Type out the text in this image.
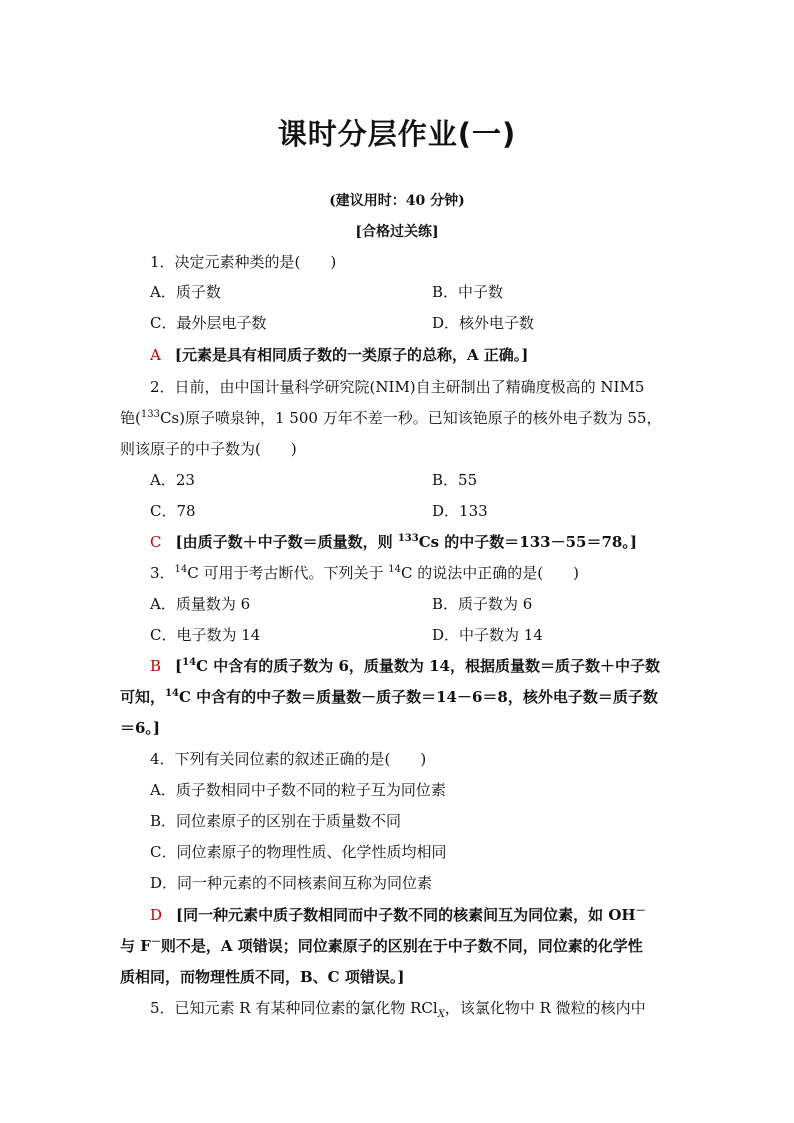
课时分层作业(一)
(建议用时：40 分钟)
[合格过关练]
1．决定元素种类的是(　　)
A．质子数	B．中子数
C．最外层电子数	D．核外电子数
A [元素是具有相同质子数的一类原子的总称，A 正确。]
2．日前，由中国计量科学研究院(NIM)自主研制出了精确度极高的 NIM5
铯($^{133}$Cs)原子喷泉钟，1 500 万年不差一秒。已知该铯原子的核外电子数为 55，
则该原子的中子数为(　　)
A．23	B．55
C．78	D．133
C [由质子数＋中子数＝质量数，则 $^{133}$Cs 的中子数＝133－55＝78。]
3．$^{14}$C 可用于考古断代。下列关于 $^{14}$C 的说法中正确的是(　　)
A．质量数为 6	B．质子数为 6
C．电子数为 14	D．中子数为 14
B [$^{14}$C 中含有的质子数为 6，质量数为 14，根据质量数＝质子数＋中子数
可知，$^{14}$C 中含有的中子数＝质量数－质子数＝14－6＝8，核外电子数＝质子数
＝6。]
4．下列有关同位素的叙述正确的是(　　)
A．质子数相同中子数不同的粒子互为同位素
B．同位素原子的区别在于质量数不同
C．同位素原子的物理性质、化学性质均相同
D．同一种元素的不同核素间互称为同位素
D [同一种元素中质子数相同而中子数不同的核素间互为同位素，如 OH－
与 F－则不是，A 项错误；同位素原子的区别在于中子数不同，同位素的化学性
质相同，而物理性质不同，B、C 项错误。]
5．已知元素 R 有某种同位素的氯化物 RCl$_X$，该氯化物中 R 微粒的核内中
